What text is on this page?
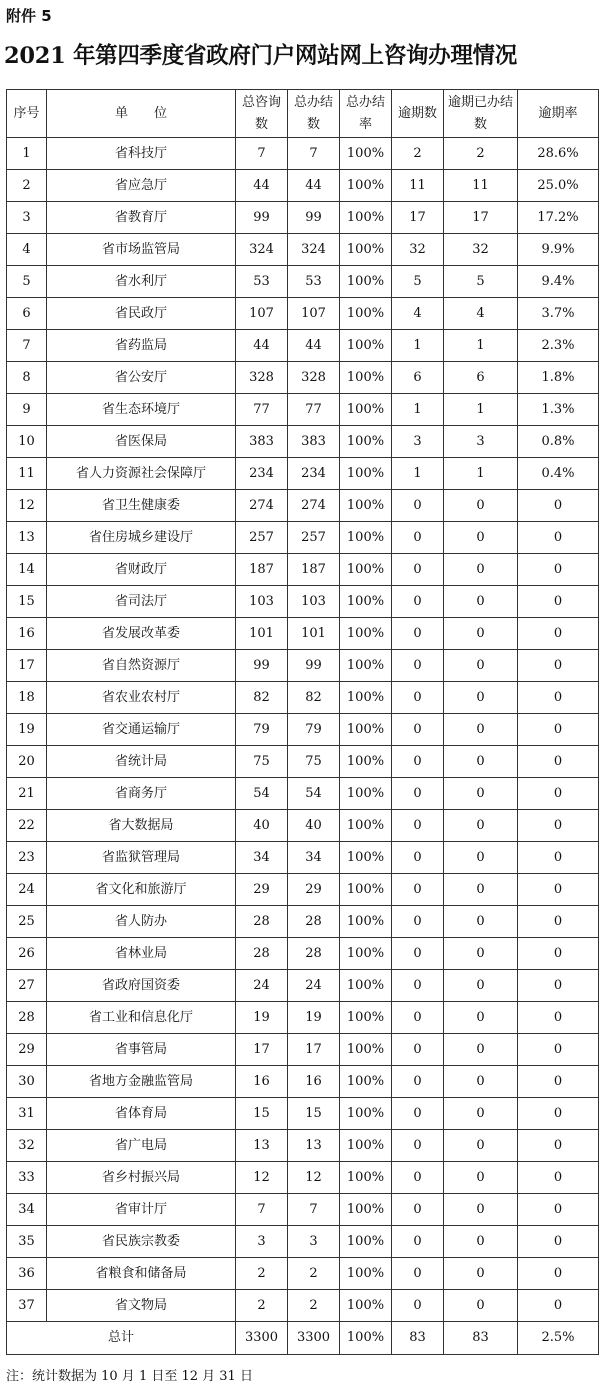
附件 5
2021 年第四季度省政府门户网站网上咨询办理情况
序号	单　　位	总咨询数	总办结数	总办结率	逾期数	逾期已办结数	逾期率
1	省科技厅	7	7	100%	2	2	28.6%
2	省应急厅	44	44	100%	11	11	25.0%
3	省教育厅	99	99	100%	17	17	17.2%
4	省市场监管局	324	324	100%	32	32	9.9%
5	省水利厅	53	53	100%	5	5	9.4%
6	省民政厅	107	107	100%	4	4	3.7%
7	省药监局	44	44	100%	1	1	2.3%
8	省公安厅	328	328	100%	6	6	1.8%
9	省生态环境厅	77	77	100%	1	1	1.3%
10	省医保局	383	383	100%	3	3	0.8%
11	省人力资源社会保障厅	234	234	100%	1	1	0.4%
12	省卫生健康委	274	274	100%	0	0	0
13	省住房城乡建设厅	257	257	100%	0	0	0
14	省财政厅	187	187	100%	0	0	0
15	省司法厅	103	103	100%	0	0	0
16	省发展改革委	101	101	100%	0	0	0
17	省自然资源厅	99	99	100%	0	0	0
18	省农业农村厅	82	82	100%	0	0	0
19	省交通运输厅	79	79	100%	0	0	0
20	省统计局	75	75	100%	0	0	0
21	省商务厅	54	54	100%	0	0	0
22	省大数据局	40	40	100%	0	0	0
23	省监狱管理局	34	34	100%	0	0	0
24	省文化和旅游厅	29	29	100%	0	0	0
25	省人防办	28	28	100%	0	0	0
26	省林业局	28	28	100%	0	0	0
27	省政府国资委	24	24	100%	0	0	0
28	省工业和信息化厅	19	19	100%	0	0	0
29	省事管局	17	17	100%	0	0	0
30	省地方金融监管局	16	16	100%	0	0	0
31	省体育局	15	15	100%	0	0	0
32	省广电局	13	13	100%	0	0	0
33	省乡村振兴局	12	12	100%	0	0	0
34	省审计厅	7	7	100%	0	0	0
35	省民族宗教委	3	3	100%	0	0	0
36	省粮食和储备局	2	2	100%	0	0	0
37	省文物局	2	2	100%	0	0	0
总计		3300	3300	100%	83	83	2.5%
注：统计数据为 10 月 1 日至 12 月 31 日
